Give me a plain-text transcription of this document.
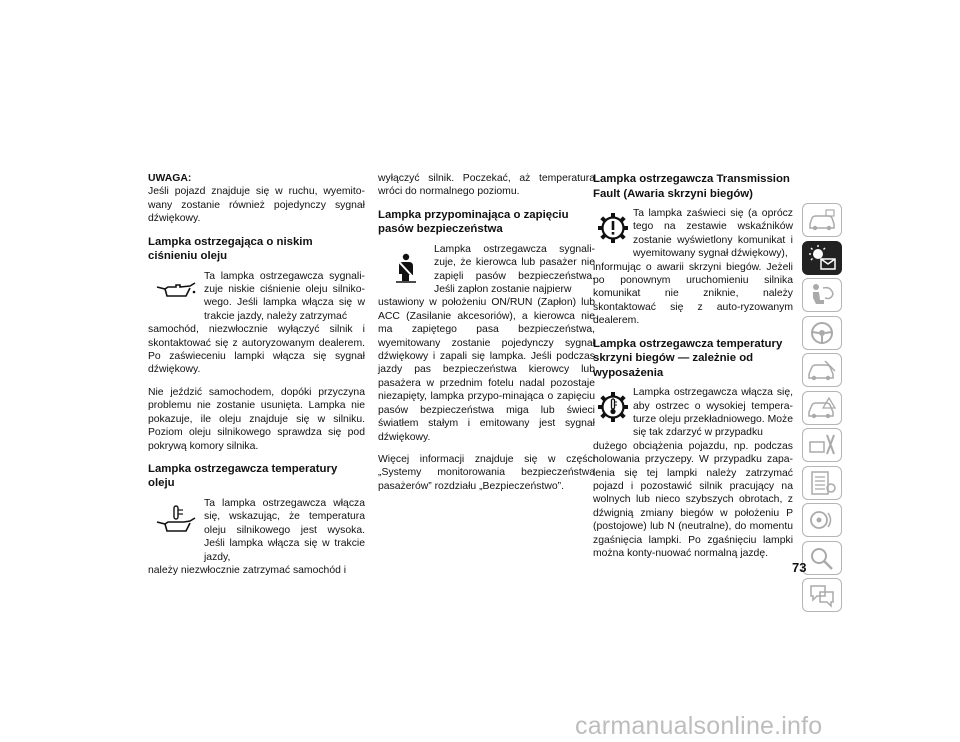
UWAGA:
Jeśli pojazd znajduje się w ruchu, wyemito-wany zostanie również pojedynczy sygnał dźwiękowy.
Lampka ostrzegająca o niskim ciśnieniu oleju
Ta lampka ostrzegawcza sygnali-zuje niskie ciśnienie oleju silniko-wego. Jeśli lampka włącza się w trakcie jazdy, należy zatrzymać
samochód, niezwłocznie wyłączyć silnik i skontaktować się z autoryzowanym dealerem. Po zaświeceniu lampki włącza się sygnał dźwiękowy.
Nie jeździć samochodem, dopóki przyczyna problemu nie zostanie usunięta. Lampka nie pokazuje, ile oleju znajduje się w silniku. Poziom oleju silnikowego sprawdza się pod pokrywą komory silnika.
Lampka ostrzegawcza temperatury oleju
Ta lampka ostrzegawcza włącza się, wskazując, że temperatura oleju silnikowego jest wysoka. Jeśli lampka włącza się w trakcie jazdy,
należy niezwłocznie zatrzymać samochód i
wyłączyć silnik. Poczekać, aż temperatura wróci do normalnego poziomu.
Lampka przypominająca o zapięciu pasów bezpieczeństwa
Lampka ostrzegawcza sygnali-zuje, że kierowca lub pasażer nie zapięli pasów bezpieczeństwa. Jeśli zapłon zostanie najpierw
ustawiony w położeniu ON/RUN (Zapłon) lub ACC (Zasilanie akcesoriów), a kierowca nie ma zapiętego pasa bezpieczeństwa, wyemitowany zostanie pojedynczy sygnał dźwiękowy i zapali się lampka. Jeśli podczas jazdy pas bezpieczeństwa kierowcy lub pasażera w przednim fotelu nadal pozostaje niezapięty, lampka przypo-minająca o zapięciu pasów bezpieczeństwa miga lub świeci światłem stałym i emitowany jest sygnał dźwiękowy.
Więcej informacji znajduje się w części „Systemy monitorowania bezpieczeństwa pasażerów” rozdziału „Bezpieczeństwo”.
Lampka ostrzegawcza Transmission Fault (Awaria skrzyni biegów)
Ta lampka zaświeci się (a oprócz tego na zestawie wskaźników zostanie wyświetlony komunikat i wyemitowany sygnał dźwiękowy),
informując o awarii skrzyni biegów. Jeżeli po ponownym uruchomieniu silnika komunikat nie zniknie, należy skontaktować się z auto-ryzowanym dealerem.
Lampka ostrzegawcza temperatury skrzyni biegów — zależnie od wyposażenia
Lampka ostrzegawcza włącza się, aby ostrzec o wysokiej tempera-turze oleju przekładniowego. Może się tak zdarzyć w przypadku
dużego obciążenia pojazdu, np. podczas holowania przyczepy. W przypadku zapa-lenia się tej lampki należy zatrzymać pojazd i pozostawić silnik pracujący na wolnych lub nieco szybszych obrotach, z dźwignią zmiany biegów w położeniu P (postojowe) lub N (neutralne), do momentu zgaśnięcia lampki. Po zgaśnięciu lampki można konty-nuować normalną jazdę.
73
carmanualsonline.info
